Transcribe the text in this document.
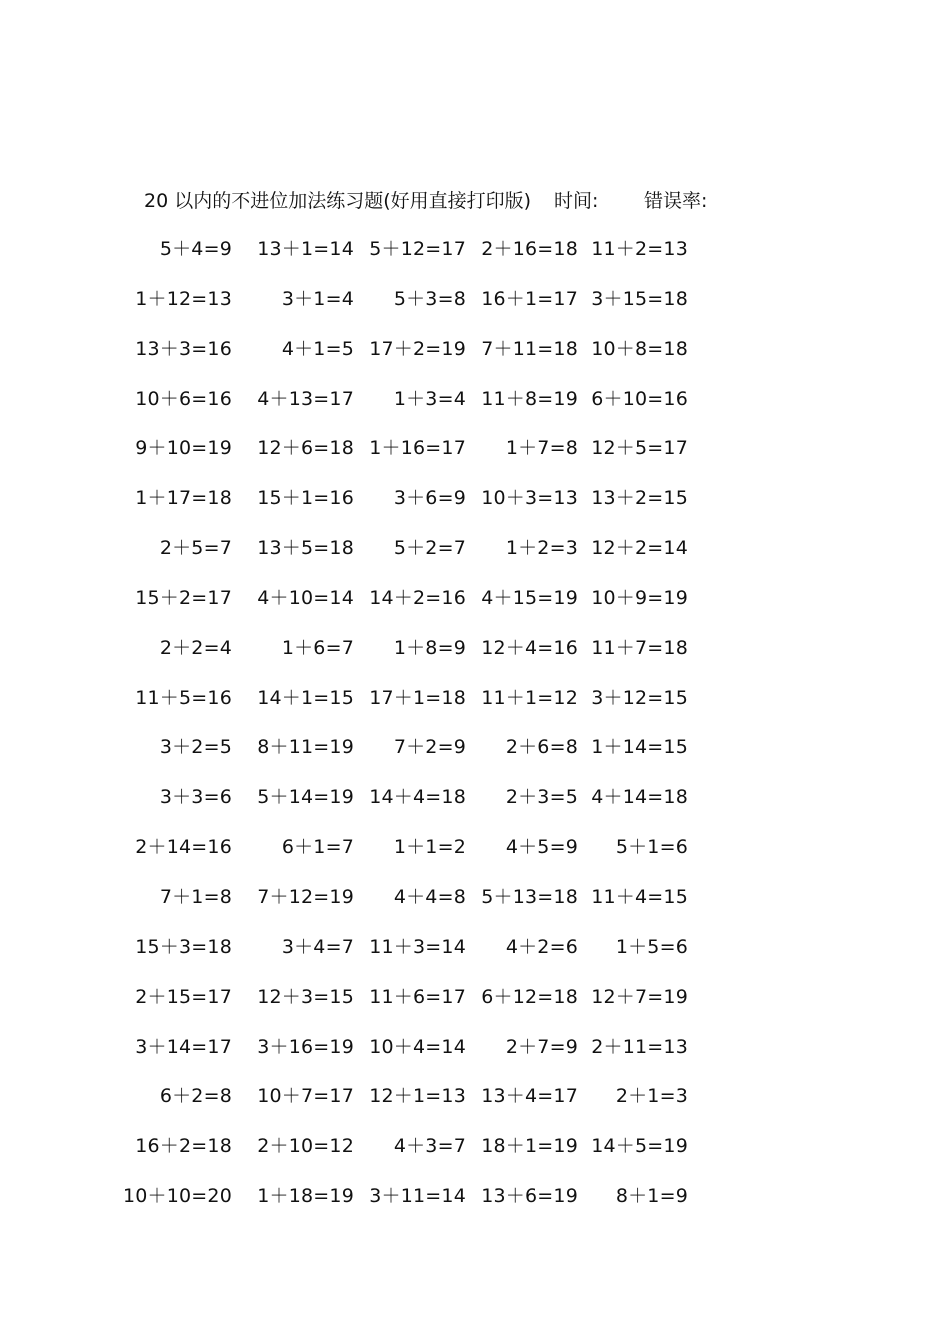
20 以内的不进位加法练习题(好用直接打印版) 时间: 错误率:
5＋4=9 13＋1=14 5＋12=17 2＋16=18 11＋2=13
1＋12=13	3＋1=4 5＋3=8 16＋1=17 3＋15=18
13＋3=16	4＋1=5 17＋2=19 7＋11=18 10＋8=18
10＋6=16 4＋13=17 1＋3=4 11＋8=19 6＋10=16
9＋10=19 12＋6=18 1＋16=17 1＋7=8 12＋5=17
1＋17=18 15＋1=16 3＋6=9 10＋3=13 13＋2=15
2＋5=7 13＋5=18 5＋2=7 1＋2=3 12＋2=14
15＋2=17 4＋10=14 14＋2=16 4＋15=19 10＋9=19
2＋2=4	1＋6=7 1＋8=9 12＋4=16 11＋7=18
11＋5=16 14＋1=15 17＋1=18 11＋1=12 3＋12=15
3＋2=5 8＋11=19 7＋2=9 2＋6=8 1＋14=15
3＋3=6 5＋14=19 14＋4=18 2＋3=5 4＋14=18
2＋14=16	6＋1=7 1＋1=2 4＋5=9 5＋1=6
7＋1=8 7＋12=19 4＋4=8 5＋13=18 11＋4=15
15＋3=18	3＋4=7 11＋3=14 4＋2=6 1＋5=6
2＋15=17 12＋3=15 11＋6=17 6＋12=18 12＋7=19
3＋14=17 3＋16=19 10＋4=14 2＋7=9 2＋11=13
6＋2=8 10＋7=17 12＋1=13 13＋4=17 2＋1=3
16＋2=18 2＋10=12 4＋3=7 18＋1=19 14＋5=19
10＋10=20 1＋18=19 3＋11=14 13＋6=19 8＋1=9
